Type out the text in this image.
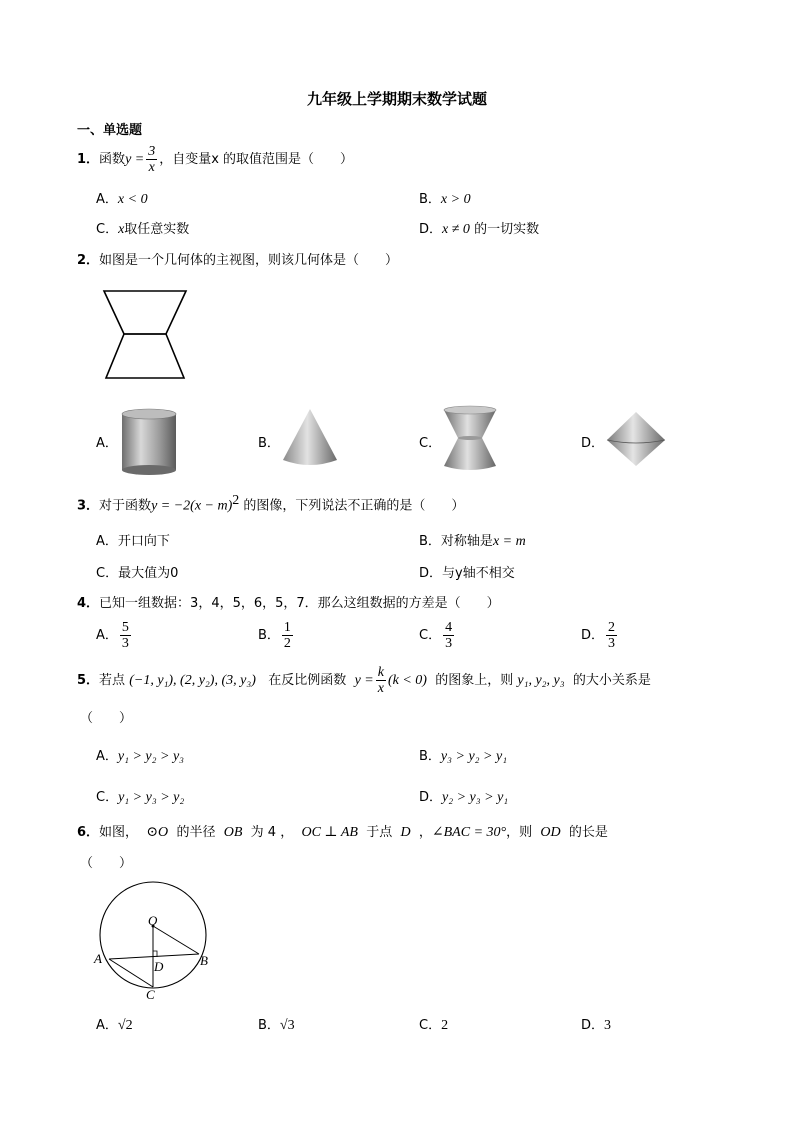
九年级上学期期末数学试题
一、单选题
1．函数$y = \frac{3}{x}$ ，自变量x 的取值范围是（　　）
A．x < 0	B．x > 0
C．x取任意实数	D．x ≠ 0 的一切实数
2．如图是一个几何体的主视图，则该几何体是（　　）
A．	B．	C．	D．
3．对于函数$y = -2(x - m)^2$ 的图像，下列说法不正确的是（　　）
A．开口向下	B．对称轴是x = m
C．最大值为0	D．与y轴不相交
4．已知一组数据：3，4，5，6，5，7．那么这组数据的方差是（　　）
A． $\frac{5}{3}$	B． $\frac{1}{2}$	C． $\frac{4}{3}$	D． $\frac{2}{3}$
5．若点 (−1, y₁), (2, y₂), (3, y₃) 在反比例函数 $y = \frac{k}{x} (k < 0)$ 的图象上，则 y₁, y₂, y₃ 的大小关系是
（　　）
A．y₁ > y₂ > y₃	B．y₃ > y₂ > y₁
C．y₁ > y₃ > y₂	D．y₂ > y₃ > y₁
6．如图， ⊙O 的半径 OB 为 4 ， OC ⊥ AB 于点 D ，∠BAC = 30°，则 OD 的长是
（　　）
O
A	B
C
D
A．√2	B．√3	C．2	D．3
